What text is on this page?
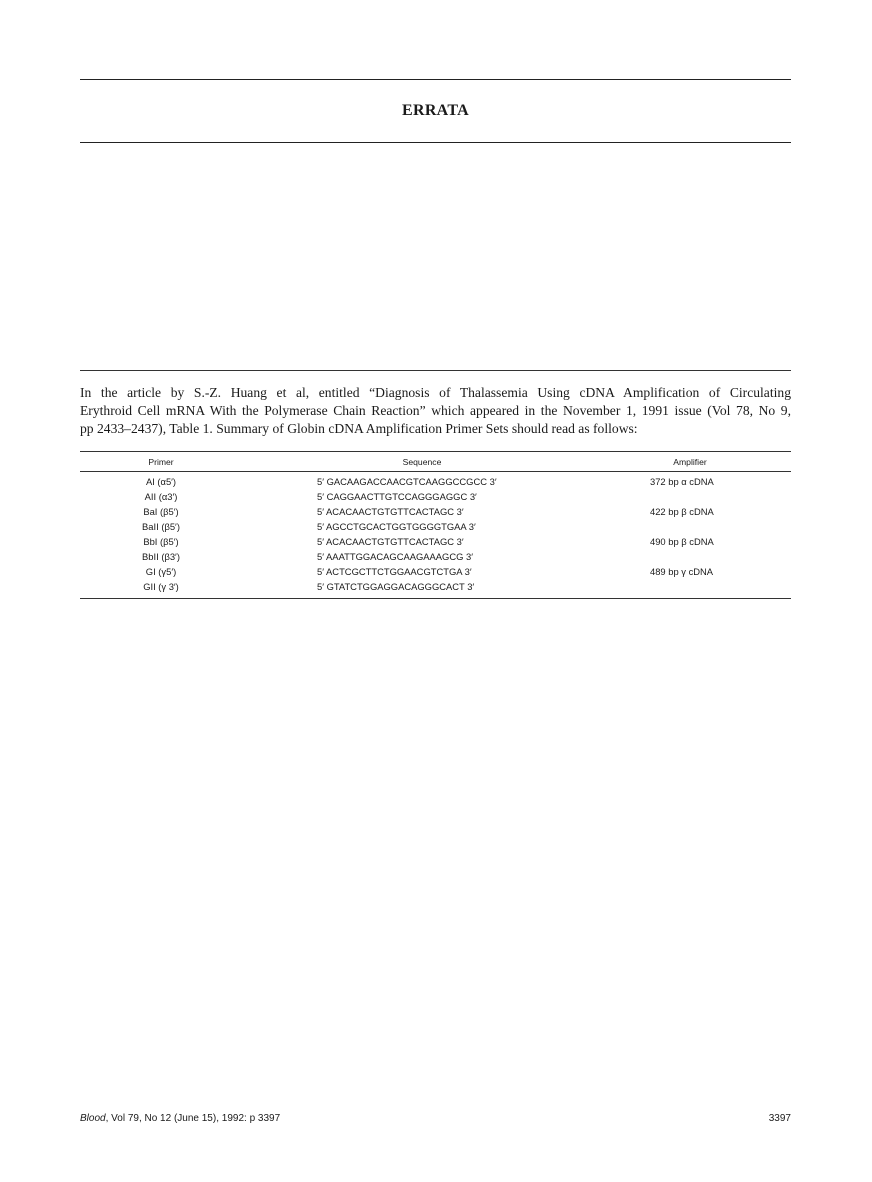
ERRATA
In the article by S.-Z. Huang et al, entitled “Diagnosis of Thalassemia Using cDNA Amplification of Circulating
Erythroid Cell mRNA With the Polymerase Chain Reaction” which appeared in the November 1, 1991 issue (Vol 78, No 9,
pp 2433–2437), Table 1. Summary of Globin cDNA Amplification Primer Sets should read as follows:
Primer	Sequence	Amplifier
AI (α5′)	5′ GACAAGACCAACGTCAAGGCCGCC 3′	372 bp α cDNA
AII (α3′)	5′ CAGGAACTTGTCCAGGGAGGC 3′
BaI (β5′)	5′ ACACAACTGTGTTCACTAGC 3′	422 bp β cDNA
BaII (β5′)	5′ AGCCTGCACTGGTGGGGTGAA 3′
BbI (β5′)	5′ ACACAACTGTGTTCACTAGC 3′	490 bp β cDNA
BbII (β3′)	5′ AAATTGGACAGCAAGAAAGCG 3′
GI (γ5′)	5′ ACTCGCTTCTGGAACGTCTGA 3′	489 bp γ cDNA
GII (γ 3′)	5′ GTATCTGGAGGACAGGGCACT 3′
Blood, Vol 79, No 12 (June 15), 1992: p 3397	3397
